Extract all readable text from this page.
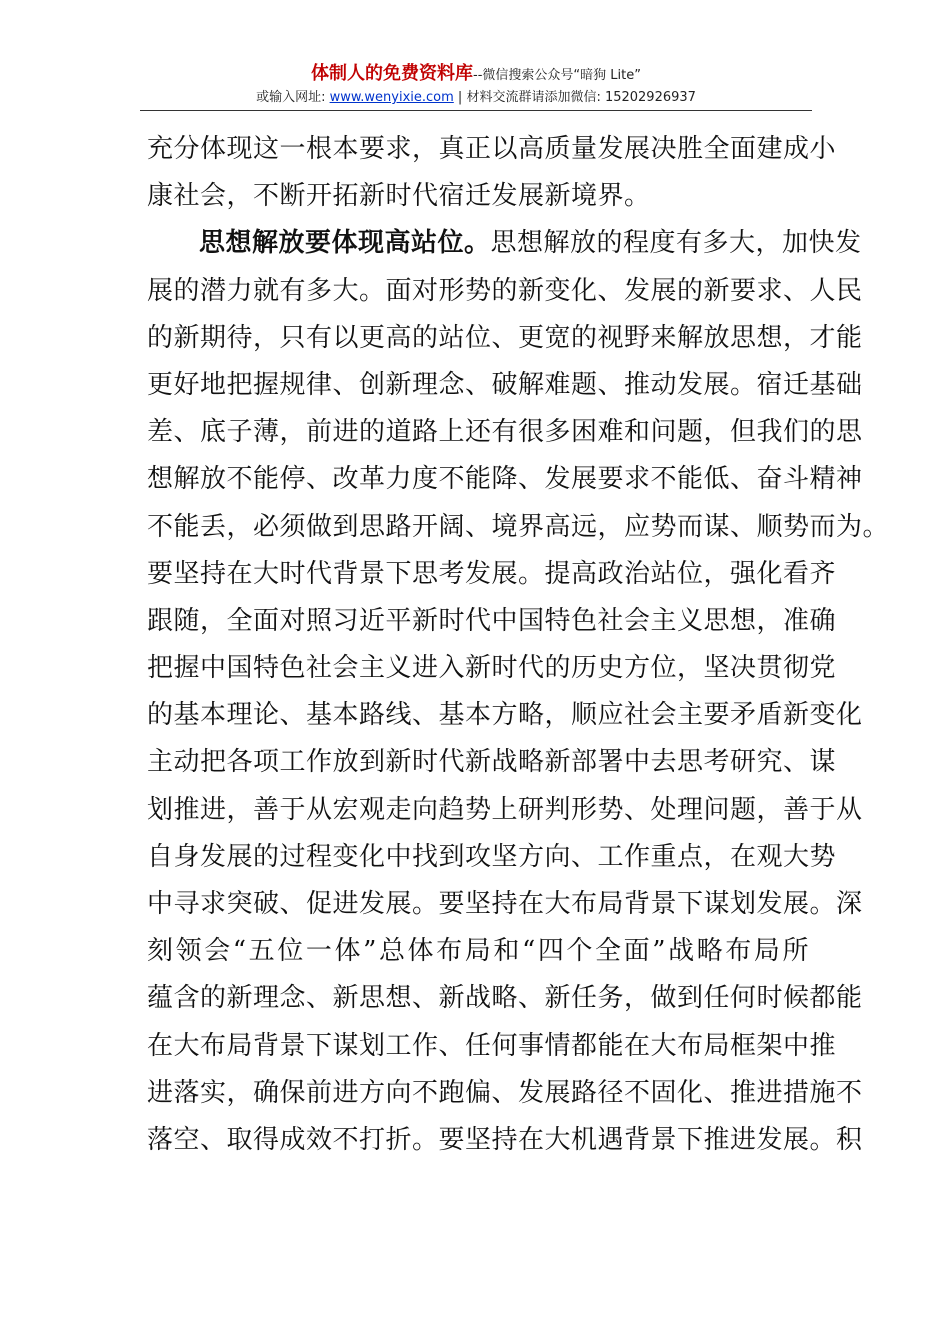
体制人的免费资料库--微信搜索公众号“暗狗 Lite”
或输入网址: www.wenyixie.com | 材料交流群请添加微信: 15202926937
充分体现这一根本要求，真正以高质量发展决胜全面建成小
康社会，不断开拓新时代宿迁发展新境界。
思想解放要体现高站位。思想解放的程度有多大，加快发
展的潜力就有多大。面对形势的新变化、发展的新要求、人民
的新期待，只有以更高的站位、更宽的视野来解放思想，才能
更好地把握规律、创新理念、破解难题、推动发展。宿迁基础
差、底子薄，前进的道路上还有很多困难和问题，但我们的思
想解放不能停、改革力度不能降、发展要求不能低、奋斗精神
不能丢，必须做到思路开阔、境界高远，应势而谋、顺势而为。
要坚持在大时代背景下思考发展。提高政治站位，强化看齐
跟随，全面对照习近平新时代中国特色社会主义思想，准确
把握中国特色社会主义进入新时代的历史方位，坚决贯彻党
的基本理论、基本路线、基本方略，顺应社会主要矛盾新变化
主动把各项工作放到新时代新战略新部署中去思考研究、谋
划推进，善于从宏观走向趋势上研判形势、处理问题，善于从
自身发展的过程变化中找到攻坚方向、工作重点，在观大势
中寻求突破、促进发展。要坚持在大布局背景下谋划发展。深
刻领会“五位一体”总体布局和“四个全面”战略布局所
蕴含的新理念、新思想、新战略、新任务，做到任何时候都能
在大布局背景下谋划工作、任何事情都能在大布局框架中推
进落实，确保前进方向不跑偏、发展路径不固化、推进措施不
落空、取得成效不打折。要坚持在大机遇背景下推进发展。积
